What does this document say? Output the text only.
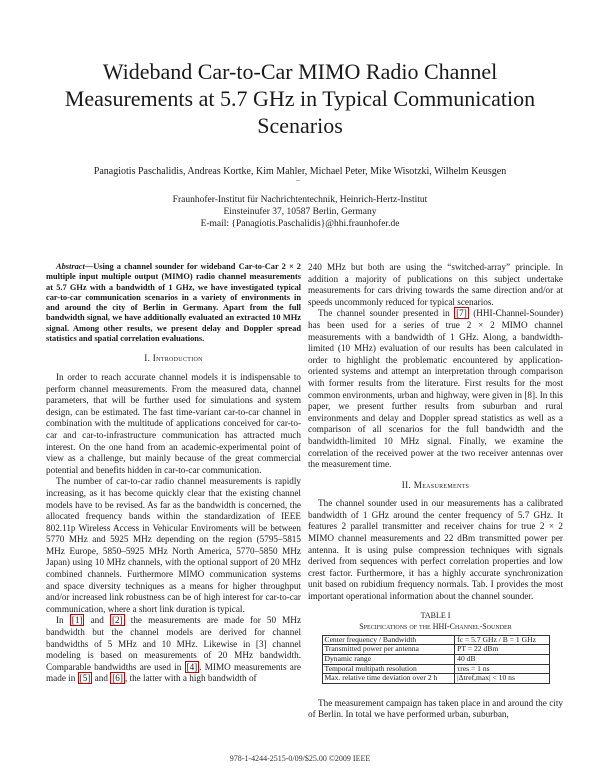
Wideband Car-to-Car MIMO Radio Channel Measurements at 5.7 GHz in Typical Communication Scenarios
Panagiotis Paschalidis, Andreas Kortke, Kim Mahler, Michael Peter, Mike Wisotzki, Wilhelm Keusgen
–
Fraunhofer-Institut für Nachrichtentechnik, Heinrich-Hertz-Institut
Einsteinufer 37, 10587 Berlin, Germany
E-mail: {Panagiotis.Paschalidis}@hhi.fraunhofer.de

Abstract—Using a channel sounder for wideband Car-to-Car 2 × 2 multiple input multiple output (MIMO) radio channel measurements at 5.7 GHz with a bandwidth of 1 GHz, we have investigated typical car-to-car communication scenarios in a variety of environments in and around the city of Berlin in Germany. Apart from the full bandwidth signal, we have additionally evaluated an extracted 10 MHz signal. Among other results, we present delay and Doppler spread statistics and spatial correlation evaluations.

I. Introduction

In order to reach accurate channel models it is indispensable to perform channel measurements. From the measured data, channel parameters, that will be further used for simulations and system design, can be estimated. The fast time-variant car-to-car channel in combination with the multitude of applications conceived for car-to-car and car-to-infrastructure communication has attracted much interest. On the one hand from an academic-experimental point of view as a challenge, but mainly because of the great commercial potential and benefits hidden in car-to-car communication.

The number of car-to-car radio channel measurements is rapidly increasing, as it has become quickly clear that the existing channel models have to be revised. As far as the bandwidth is concerned, the allocated frequency bands within the standardization of IEEE 802.11p Wireless Access in Vehicular Enviroments will be between 5770 MHz and 5925 MHz depending on the region (5795–5815 MHz Europe, 5850–5925 MHz North America, 5770–5850 MHz Japan) using 10 MHz channels, with the optional support of 20 MHz combined channels. Furthermore MIMO communication systems and space diversity techniques as a means for higher throughput and/or increased link robustness can be of high interest for car-to-car communication, where a short link duration is typical.

In [1] and [2] the measurements are made for 50 MHz bandwidth but the channel models are derived for channel bandwidths of 5 MHz and 10 MHz. Likewise in [3] channel modeling is based on measurements of 20 MHz bandwidth. Comparable bandwidths are used in [4] . MIMO measurements are made in [5] and [6] , the latter with a high bandwidth of

240 MHz but both are using the “switched-array” principle. In addition a majority of publications on this subject undertake measurements for cars driving towards the same direction and/or at speeds uncommonly reduced for typical scenarios.

The channel sounder presented in [7] (HHI-Channel-Sounder) has been used for a series of true 2 × 2 MIMO channel measurements with a bandwidth of 1 GHz. Along, a bandwidth-limited (10 MHz) evaluation of our results has been calculated in order to highlight the problematic encountered by application-oriented systems and attempt an interpretation through comparison with former results from the literature. First results for the most common environments, urban and highway, were given in [8]. In this paper, we present further results from suburban and rural environments and delay and Doppler spread statistics as well as a comparison of all scenarios for the full bandwidth and the bandwidth-limited 10 MHz signal. Finally, we examine the correlation of the received power at the two receiver antennas over the measurement time.

II. Measurements

The channel sounder used in our measurements has a calibrated bandwidth of 1 GHz around the center frequency of 5.7 GHz. It features 2 parallel transmitter and receiver chains for true 2 × 2 MIMO channel measurements and 22 dBm transmitted power per antenna. It is using pulse compression techniques with signals derived from sequences with perfect correlation properties and low crest factor. Furthermore, it has a highly accurate synchronization unit based on rubidium frequency normals. Tab. I provides the most important operational information about the channel sounder.

TABLE I
Specifications of the HHI-Channel-Sounder
Center frequency / Bandwidth	fc = 5.7 GHz / B = 1 GHz
Transmitted power per antenna	PT = 22 dBm
Dynamic range	40 dB
Temporal multipath resolution	τres = 1 ns
Max. relative time deviation over 2 h	|Δtref,max| < 10 ns

The measurement campaign has taken place in and around the city of Berlin. In total we have performed urban, suburban,

978-1-4244-2515-0/09/$25.00 ©2009 IEEE
